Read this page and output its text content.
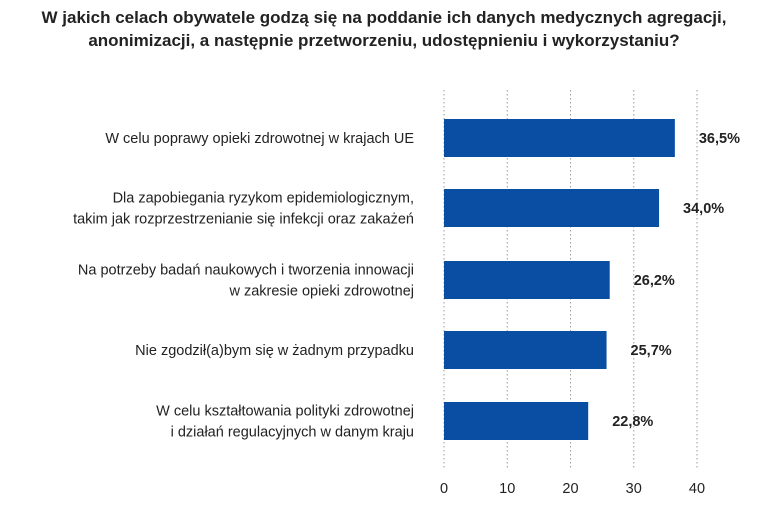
W jakich celach obywatele godzą się na poddanie ich danych medycznych agregacji,
anonimizacji, a następnie przetworzeniu, udostępnieniu i wykorzystaniu?
36,5%
W celu poprawy opieki zdrowotnej w krajach UE
34,0%
Dla zapobiegania ryzykom epidemiologicznym,
takim jak rozprzestrzenianie się infekcji oraz zakażeń
26,2%
Na potrzeby badań naukowych i tworzenia innowacji
w zakresie opieki zdrowotnej
25,7%
Nie zgodził(a)bym się w żadnym przypadku
22,8%
W celu kształtowania polityki zdrowotnej
i działań regulacyjnych w danym kraju
0	10	20	30	40
